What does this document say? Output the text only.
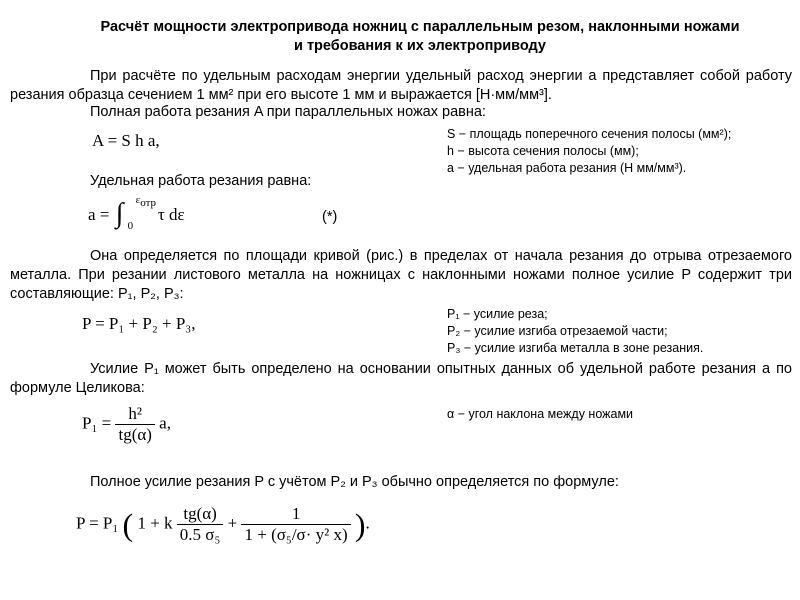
Расчёт мощности электропривода ножниц с параллельным резом, наклонными ножами
и требования к их электроприводу
При расчёте по удельным расходам энергии удельный расход энергии a представляет собой работу резания образца сечением 1 мм² при его высоте 1 мм и выражается [Н·мм/мм³].
Полная работа резания A при параллельных ножах равна:
A = S h a,	S − площадь поперечного сечения полосы (мм²);
h − высота сечения полосы (мм);
a − удельная работа резания (Н мм/мм³).
Удельная работа резания равна:
a = ∫ $\varepsilon_{отр}$
0
τ dε	(*)
Она определяется по площади кривой (рис.) в пределах от начала резания до отрыва отрезаемого металла. При резании листового металла на ножницах с наклонными ножами полное усилие P содержит три составляющие: P₁, P₂, P₃:
P = P₁ + P₂ + P₃,	P₁ − усилие реза;
P₂ − усилие изгиба отрезаемой части;
P₃ − усилие изгиба металла в зоне резания.
Усилие P₁ может быть определено на основании опытных данных об удельной работе резания a по формуле Целикова:
$P_1 = \frac{\text{h²}}{tg(\alpha)} a$,	α − угол наклона между ножами
Полное усилие резания P с учётом P₂ и P₃ обычно определяется по формуле:
P = P₁ ( 1 + k $\frac{tg(\alpha)}{\text{0.5 σ₅}} + \frac{1}{\text{1 + (σ₅/σ· y² x)}}$ ).
